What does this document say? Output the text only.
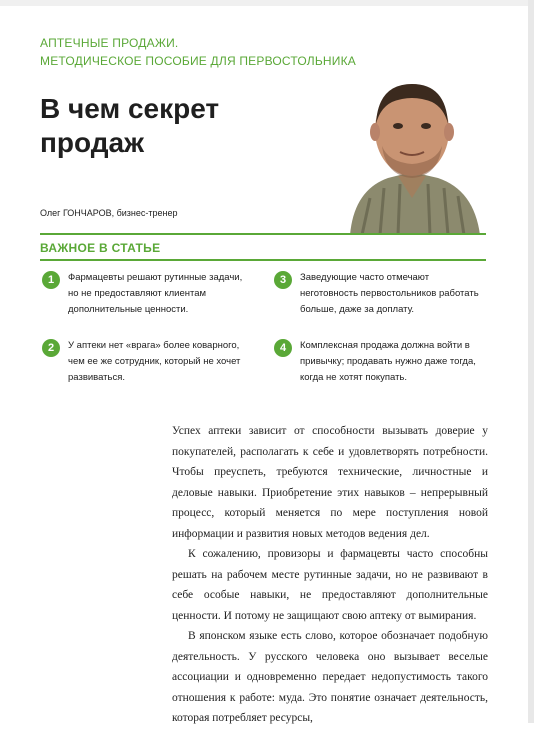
АПТЕЧНЫЕ ПРОДАЖИ.
МЕТОДИЧЕСКОЕ ПОСОБИЕ ДЛЯ ПЕРВОСТОЛЬНИКА
В чем секрет
продаж
Олег ГОНЧАРОВ, бизнес-тренер
ВАЖНОЕ В СТАТЬЕ
1	Фармацевты решают рутинные задачи, но не предоставляют клиентам дополнительные ценности.
2	У аптеки нет «врага» более коварного, чем ее же сотрудник, который не хочет развиваться.
3	Заведующие часто отмечают неготовность первостольников работать больше, даже за доплату.
4	Комплексная продажа должна войти в привычку; продавать нужно даже тогда, когда не хотят покупать.

Успех аптеки зависит от способности вызывать доверие у покупателей, располагать к себе и удовлетворять потребности. Чтобы преуспеть, требуются технические, личностные и деловые навыки. Приобретение этих навыков – непрерывный процесс, который меняется по мере поступления новой информации и развития новых методов ведения дел.

К сожалению, провизоры и фармацевты часто способны решать на рабочем месте рутинные задачи, но не развивают в себе особые навыки, не предоставляют дополнительные ценности. И потому не защищают свою аптеку от вымирания.

В японском языке есть слово, которое обозначает подобную деятельность. У русского человека оно вызывает веселые ассоциации и одновременно передает недопустимость такого отношения к работе: муда. Это понятие означает деятельность, которая потребляет ресурсы,
